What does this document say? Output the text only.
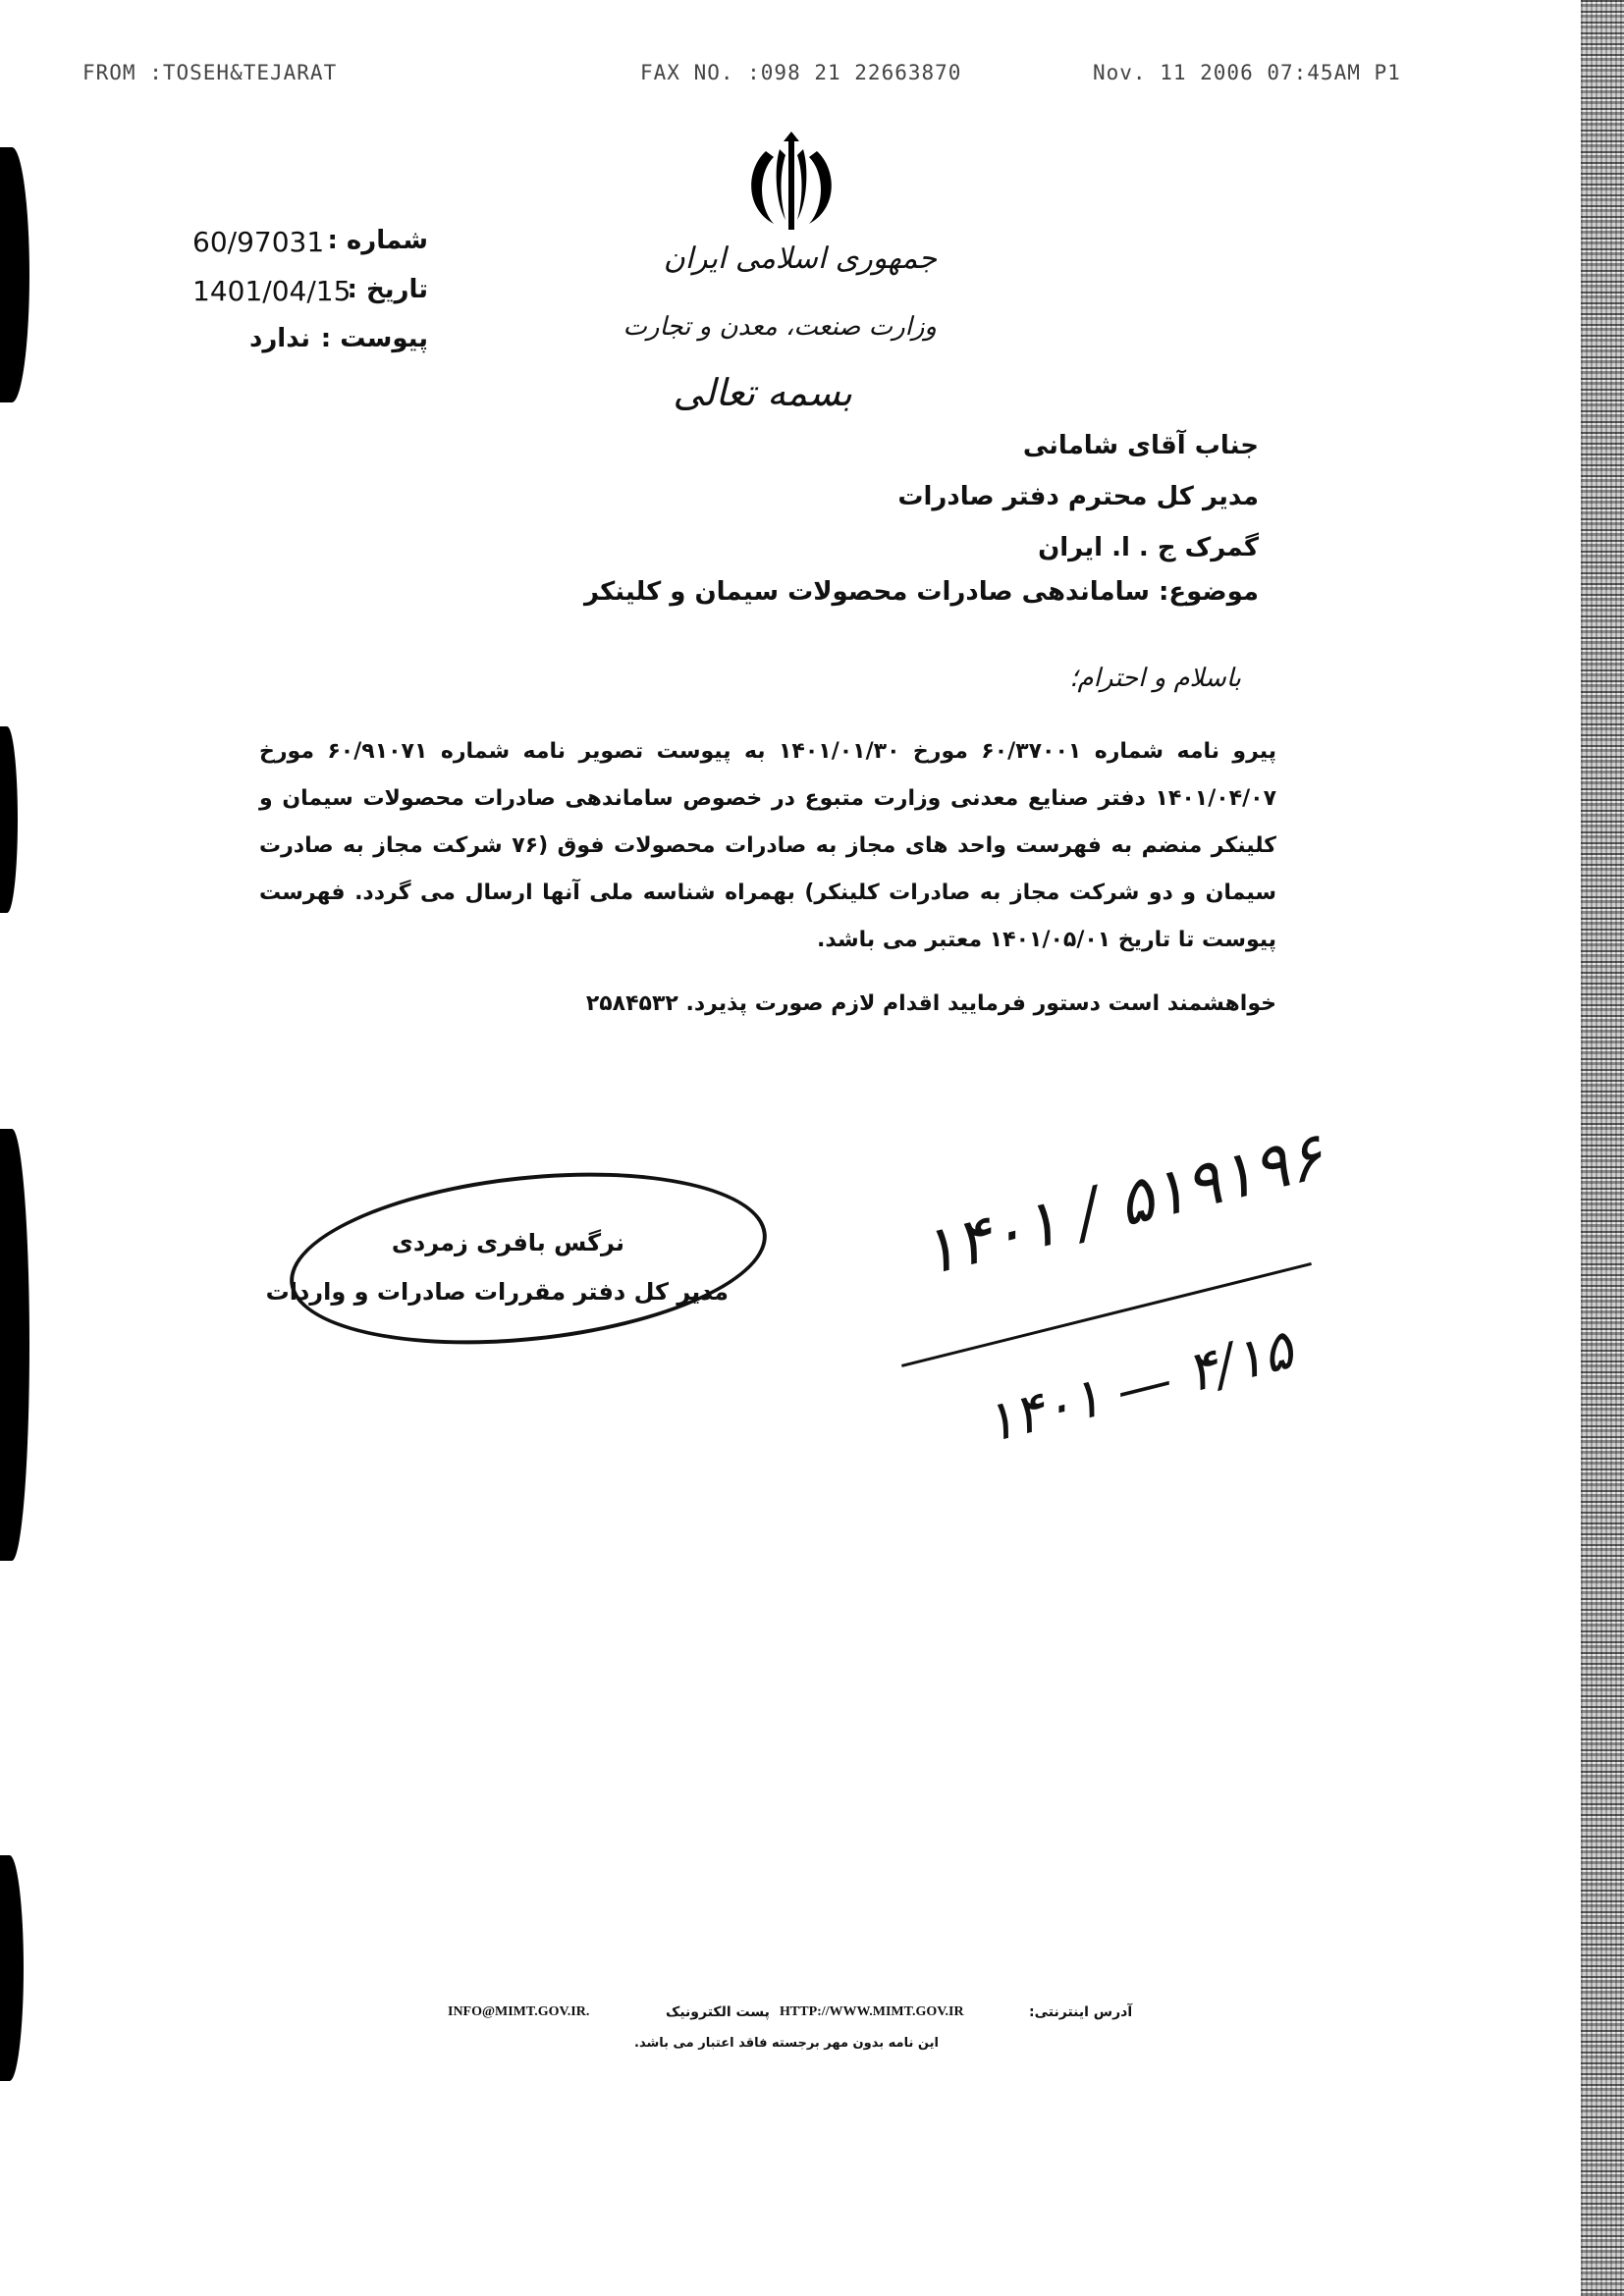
FROM :TOSEH&TEJARAT	FAX NO. :098 21 22663870	Nov. 11 2006 07:45AM P1
جمهوری اسلامی ایران
وزارت صنعت، معدن و تجارت
بسمه تعالی
شماره :
60/97031
تاریخ :
1401/04/15
پیوست :
ندارد
جناب آقای شامانی
مدیر کل محترم دفتر صادرات
گمرک ج . ا. ایران
موضوع: ساماندهی صادرات محصولات سیمان و کلینکر
باسلام و احترام؛
پیرو نامه شماره ۶۰/۳۷۰۰۱ مورخ ۱۴۰۱/۰۱/۳۰ به پیوست تصویر نامه شماره ۶۰/۹۱۰۷۱ مورخ ۱۴۰۱/۰۴/۰۷ دفتر صنایع معدنی وزارت متبوع در خصوص ساماندهی صادرات محصولات سیمان و کلینکر منضم به فهرست واحد های مجاز به صادرات محصولات فوق (۷۶ شرکت مجاز به صادرت سیمان و دو شرکت مجاز به صادرات کلینکر) بهمراه شناسه ملی آنها ارسال می گردد. فهرست پیوست تا تاریخ ۱۴۰۱/۰۵/۰۱ معتبر می باشد.
خواهشمند است دستور فرمایید اقدام لازم صورت پذیرد. ۲۵۸۴۵۳۲
نرگس بافری زمردی
مدیر کل دفتر مقررات صادرات و واردات
۱۴۰۱ / ۵۱۹۱۹۶
۱۴۰۱ — ۴/۱۵
INFO@MIMT.GOV.IR.	پست الکترونیک HTTP://WWW.MIMT.GOV.IR	آدرس اینترنتی:
این نامه بدون مهر برجسته فاقد اعتبار می باشد.
